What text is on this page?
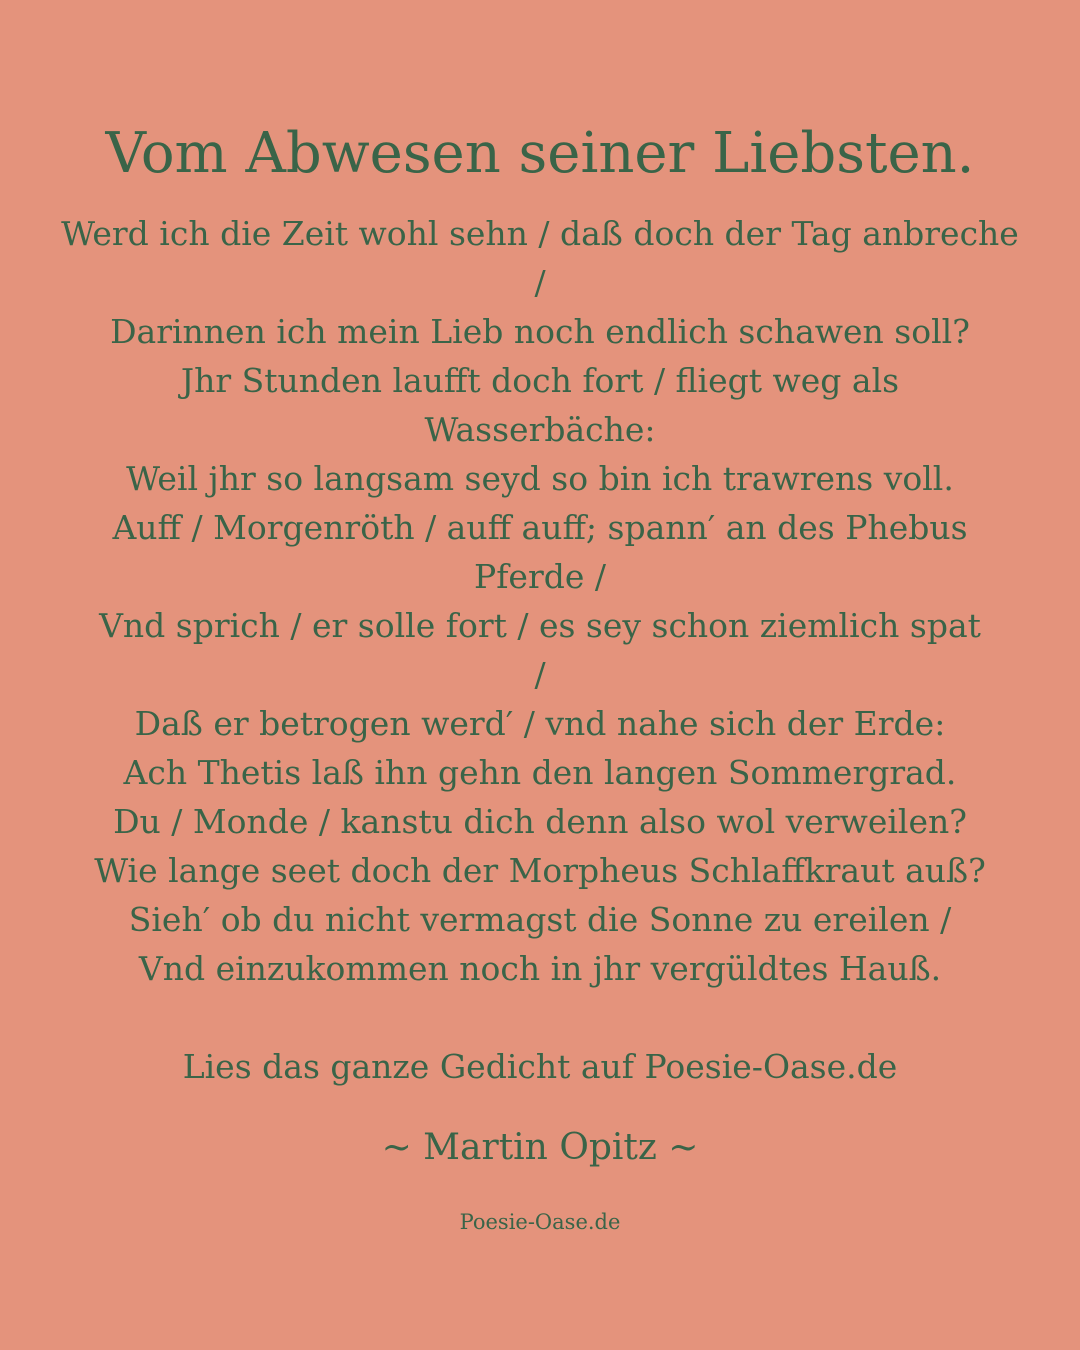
Vom Abwesen seiner Liebsten.
Werd ich die Zeit wohl sehn / daß doch der Tag anbreche
/
Darinnen ich mein Lieb noch endlich schawen soll?
Jhr Stunden laufft doch fort / fliegt weg als
Wasserbäche:
Weil jhr so langsam seyd so bin ich trawrens voll.
Auff / Morgenröth / auff auff; spann′ an des Phebus
Pferde /
Vnd sprich / er solle fort / es sey schon ziemlich spat
/
Daß er betrogen werd′ / vnd nahe sich der Erde:
Ach Thetis laß ihn gehn den langen Sommergrad.
Du / Monde / kanstu dich denn also wol verweilen?
Wie lange seet doch der Morpheus Schlaffkraut auß?
Sieh′ ob du nicht vermagst die Sonne zu ereilen /
Vnd einzukommen noch in jhr vergüldtes Hauß.
Lies das ganze Gedicht auf Poesie-Oase.de
~ Martin Opitz ~
Poesie-Oase.de
